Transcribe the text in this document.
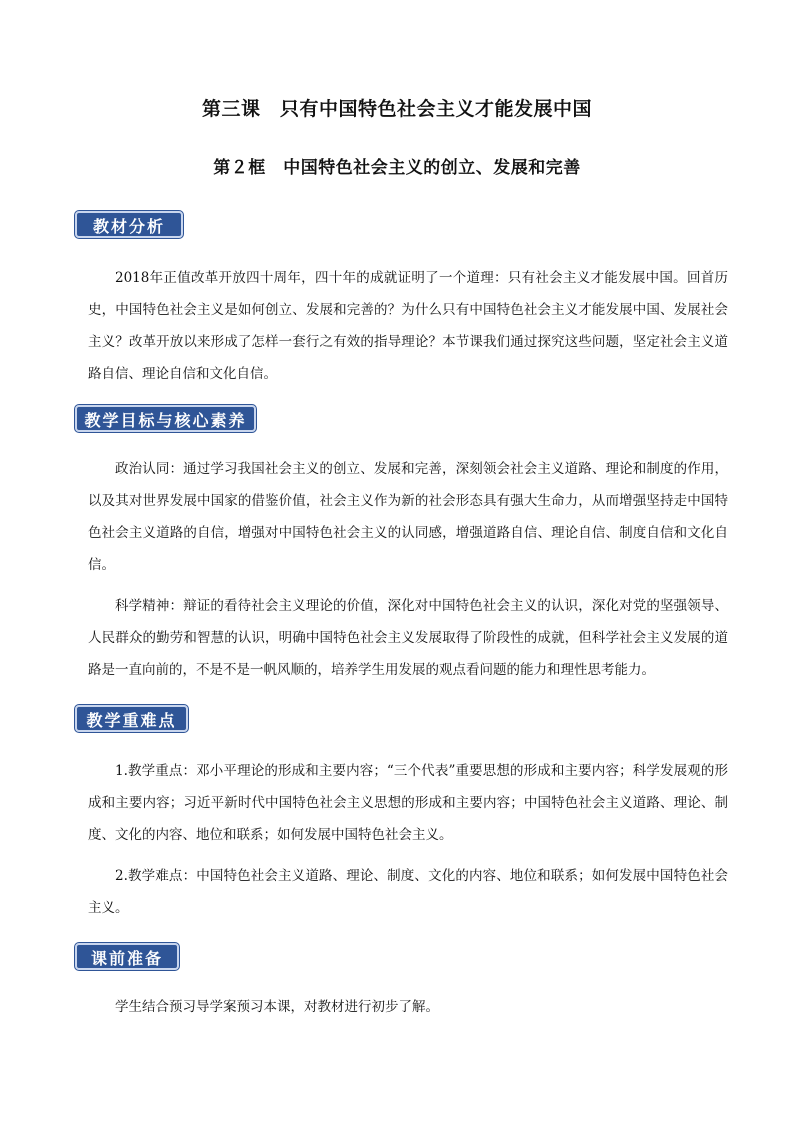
第三课　只有中国特色社会主义才能发展中国
第２框　中国特色社会主义的创立、发展和完善
教材分析
2018年正值改革开放四十周年，四十年的成就证明了一个道理：只有社会主义才能发展中国。回首历史，中国特色社会主义是如何创立、发展和完善的？为什么只有中国特色社会主义才能发展中国、发展社会主义？改革开放以来形成了怎样一套行之有效的指导理论？本节课我们通过探究这些问题，坚定社会主义道路自信、理论自信和文化自信。
教学目标与核心素养
政治认同：通过学习我国社会主义的创立、发展和完善，深刻领会社会主义道路、理论和制度的作用，以及其对世界发展中国家的借鉴价值，社会主义作为新的社会形态具有强大生命力，从而增强坚持走中国特色社会主义道路的自信，增强对中国特色社会主义的认同感，增强道路自信、理论自信、制度自信和文化自信。
科学精神：辩证的看待社会主义理论的价值，深化对中国特色社会主义的认识，深化对党的坚强领导、人民群众的勤劳和智慧的认识，明确中国特色社会主义发展取得了阶段性的成就，但科学社会主义发展的道路是一直向前的，不是不是一帆风顺的，培养学生用发展的观点看问题的能力和理性思考能力。
教学重难点
1.教学重点：邓小平理论的形成和主要内容；“三个代表”重要思想的形成和主要内容；科学发展观的形成和主要内容；习近平新时代中国特色社会主义思想的形成和主要内容；中国特色社会主义道路、理论、制度、文化的内容、地位和联系；如何发展中国特色社会主义。
2.教学难点：中国特色社会主义道路、理论、制度、文化的内容、地位和联系；如何发展中国特色社会主义。
课前准备
学生结合预习导学案预习本课，对教材进行初步了解。
